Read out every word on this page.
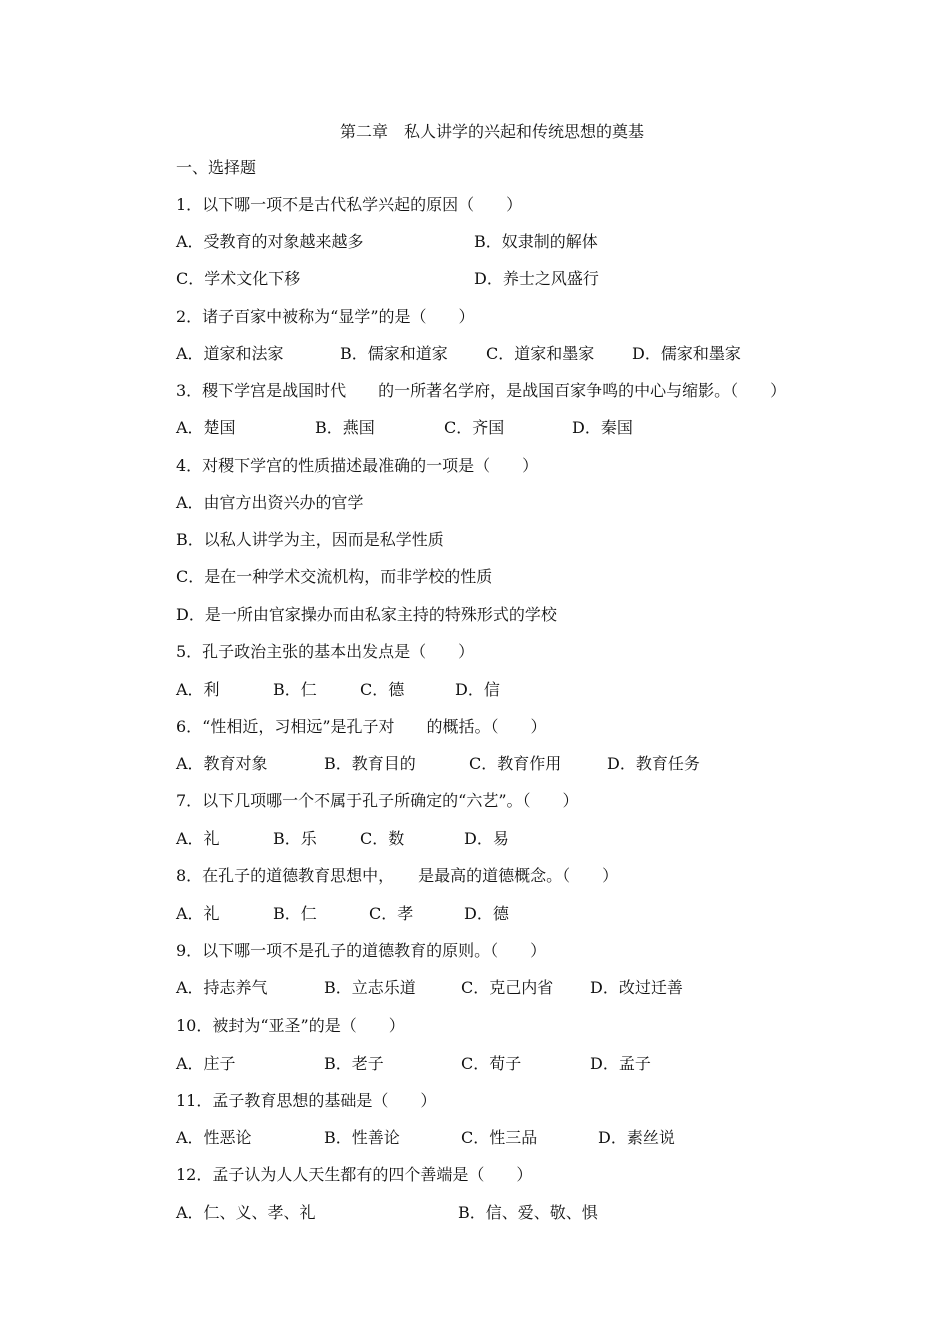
第二章　私人讲学的兴起和传统思想的奠基
一、选择题
1．以下哪一项不是古代私学兴起的原因（　　）

A．受教育的对象越来越多

	B．奴隶制的解体

C．学术文化下移

	D．养士之风盛行

2．诸子百家中被称为“显学”的是（　　）

A．道家和法家

	B．儒家和道家

C．道家和墨家

D．儒家和墨家

3．稷下学宫是战国时代　　的一所著名学府，是战国百家争鸣的中心与缩影。（　　）

A．楚国

	B．燕国

	C．齐国

	D．秦国

4．对稷下学宫的性质描述最准确的一项是（　　）
A．由官方出资兴办的官学
B．以私人讲学为主，因而是私学性质
C．是在一种学术交流机构，而非学校的性质
D．是一所由官家操办而由私家主持的特殊形式的学校
5．孔子政治主张的基本出发点是（　　）

A．利

	B．仁

	C．德

	D．信

6．“性相近，习相远”是孔子对　　的概括。（　　）

A．教育对象

	B．教育目的

	C．教育作用

	D．教育任务

7．以下几项哪一个不属于孔子所确定的“六艺”。（　　）

A．礼

	B．乐

	C．数

	D．易

8．在孔子的道德教育思想中，　　是最高的道德概念。（　　）

A．礼

	B．仁

	C．孝

	D．德

9．以下哪一项不是孔子的道德教育的原则。（　　）

A．持志养气

	B．立志乐道

	C．克己内省

D．改过迁善

10．被封为“亚圣”的是（　　）

A．庄子

	B．老子

	C．荀子

	D．孟子

11．孟子教育思想的基础是（　　）

A．性恶论

	B．性善论

	C．性三品

	D．素丝说

12．孟子认为人人天生都有的四个善端是（　　）

A．仁、义、孝、礼

	B．信、爱、敬、惧
